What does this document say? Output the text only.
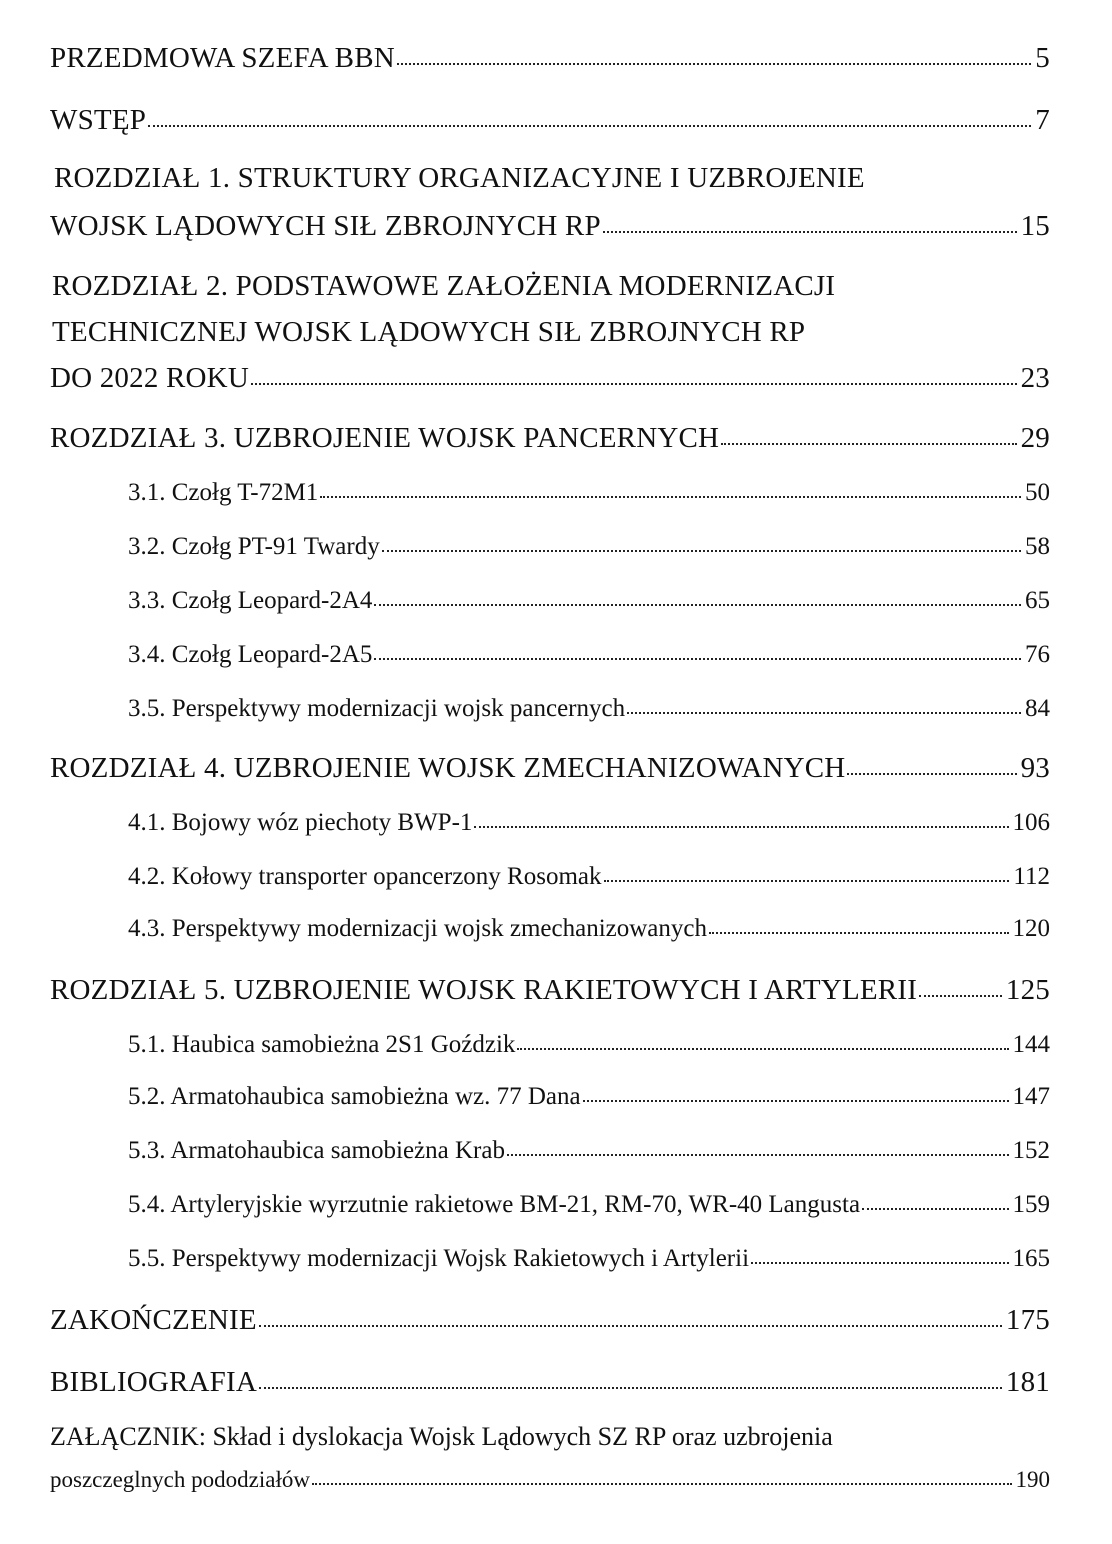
PRZEDMOWA SZEFA BBN	5
WSTĘP	7
ROZDZIAŁ 1. STRUKTURY ORGANIZACYJNE I UZBROJENIE
WOJSK LĄDOWYCH SIŁ ZBROJNYCH RP	15
ROZDZIAŁ 2. PODSTAWOWE ZAŁOŻENIA MODERNIZACJI
TECHNICZNEJ WOJSK LĄDOWYCH SIŁ ZBROJNYCH RP
DO 2022 ROKU	23
ROZDZIAŁ 3. UZBROJENIE WOJSK PANCERNYCH	29
3.1. Czołg T-72M1	50
3.2. Czołg PT-91 Twardy	58
3.3. Czołg Leopard-2A4	65
3.4. Czołg Leopard-2A5	76
3.5. Perspektywy modernizacji wojsk pancernych	84
ROZDZIAŁ 4. UZBROJENIE WOJSK ZMECHANIZOWANYCH	93
4.1. Bojowy wóz piechoty BWP-1	106
4.2. Kołowy transporter opancerzony Rosomak	112
4.3. Perspektywy modernizacji wojsk zmechanizowanych	120
ROZDZIAŁ 5. UZBROJENIE WOJSK RAKIETOWYCH I ARTYLERII	125
5.1. Haubica samobieżna 2S1 Goździk	144
5.2. Armatohaubica samobieżna wz. 77 Dana	147
5.3. Armatohaubica samobieżna Krab	152
5.4. Artyleryjskie wyrzutnie rakietowe BM-21, RM-70, WR-40 Langusta	159
5.5. Perspektywy modernizacji Wojsk Rakietowych i Artylerii	165
ZAKOŃCZENIE	175
BIBLIOGRAFIA	181
ZAŁĄCZNIK: Skład i dyslokacja Wojsk Lądowych SZ RP oraz uzbrojenia
poszczeglnych pododziałów	190
